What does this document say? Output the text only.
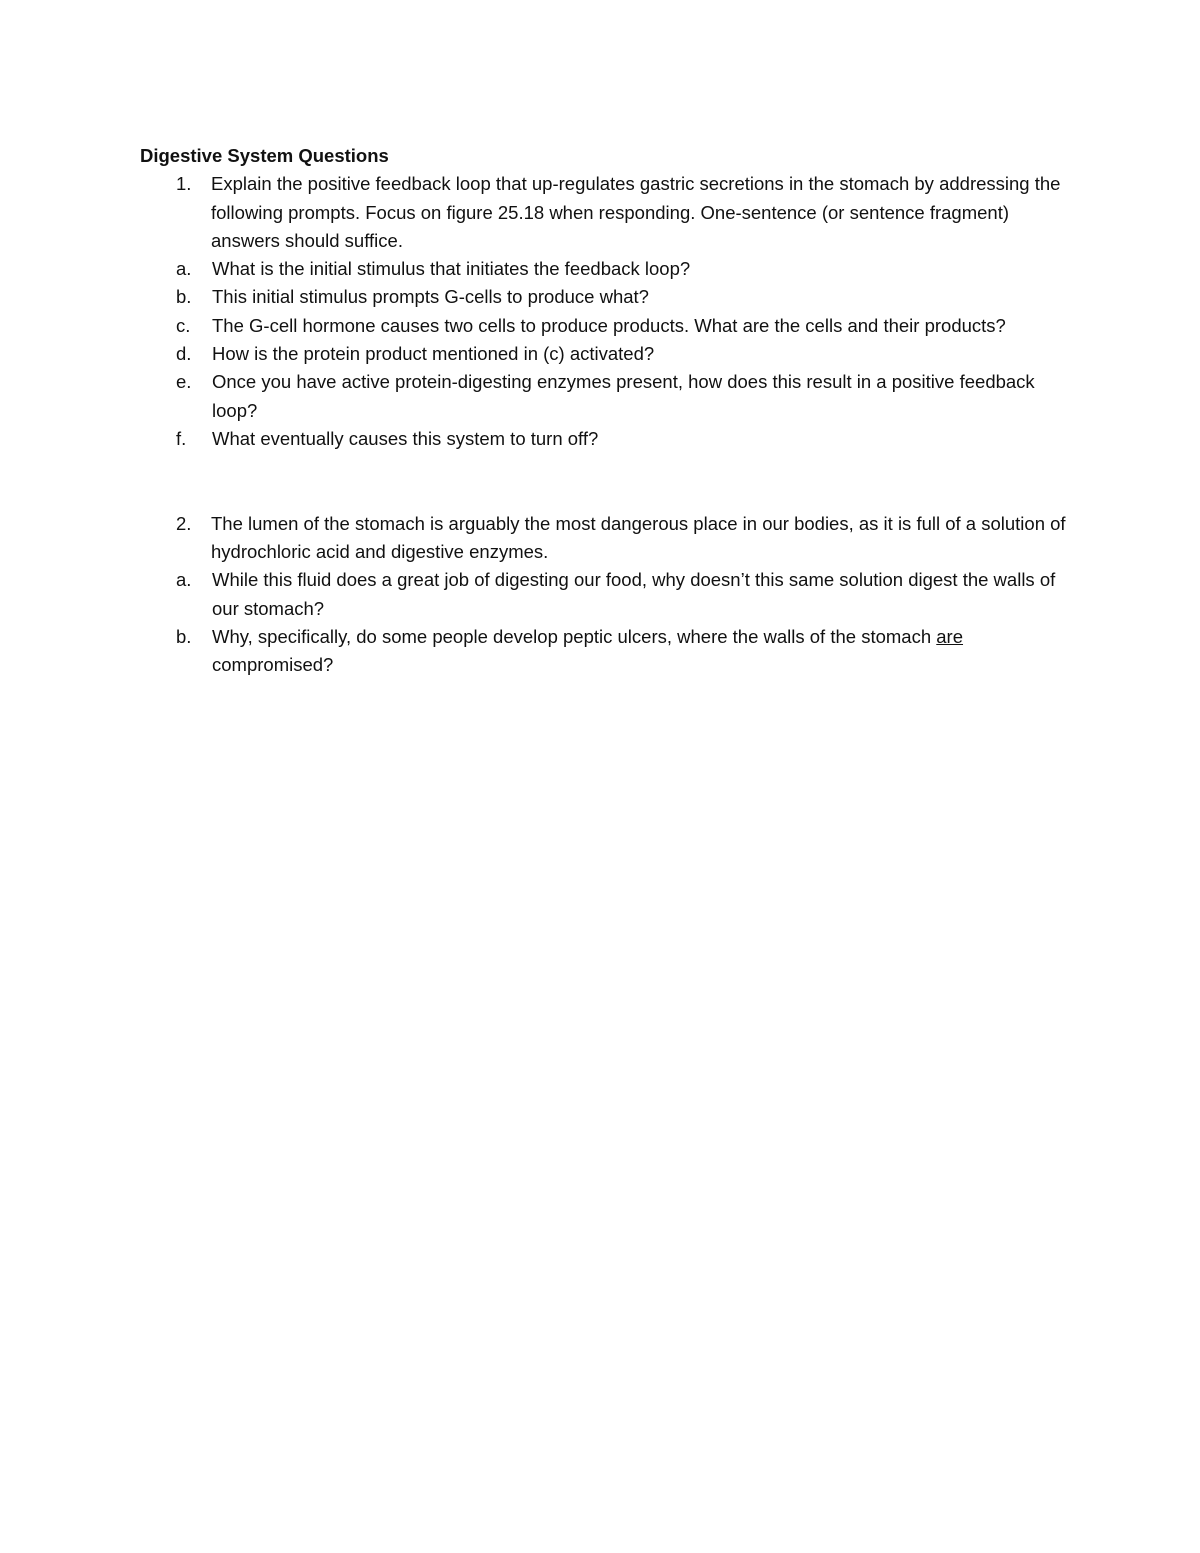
Digestive System Questions
1. Explain the positive feedback loop that up-regulates gastric secretions in the stomach by addressing the following prompts. Focus on figure 25.18 when responding. One-sentence (or sentence fragment) answers should suffice.
a. What is the initial stimulus that initiates the feedback loop?
b. This initial stimulus prompts G-cells to produce what?
c. The G-cell hormone causes two cells to produce products. What are the cells and their products?
d. How is the protein product mentioned in (c) activated?
e. Once you have active protein-digesting enzymes present, how does this result in a positive feedback loop?
f. What eventually causes this system to turn off?
2. The lumen of the stomach is arguably the most dangerous place in our bodies, as it is full of a solution of hydrochloric acid and digestive enzymes.
a. While this fluid does a great job of digesting our food, why doesn’t this same solution digest the walls of our stomach?
b. Why, specifically, do some people develop peptic ulcers, where the walls of the stomach are compromised?
